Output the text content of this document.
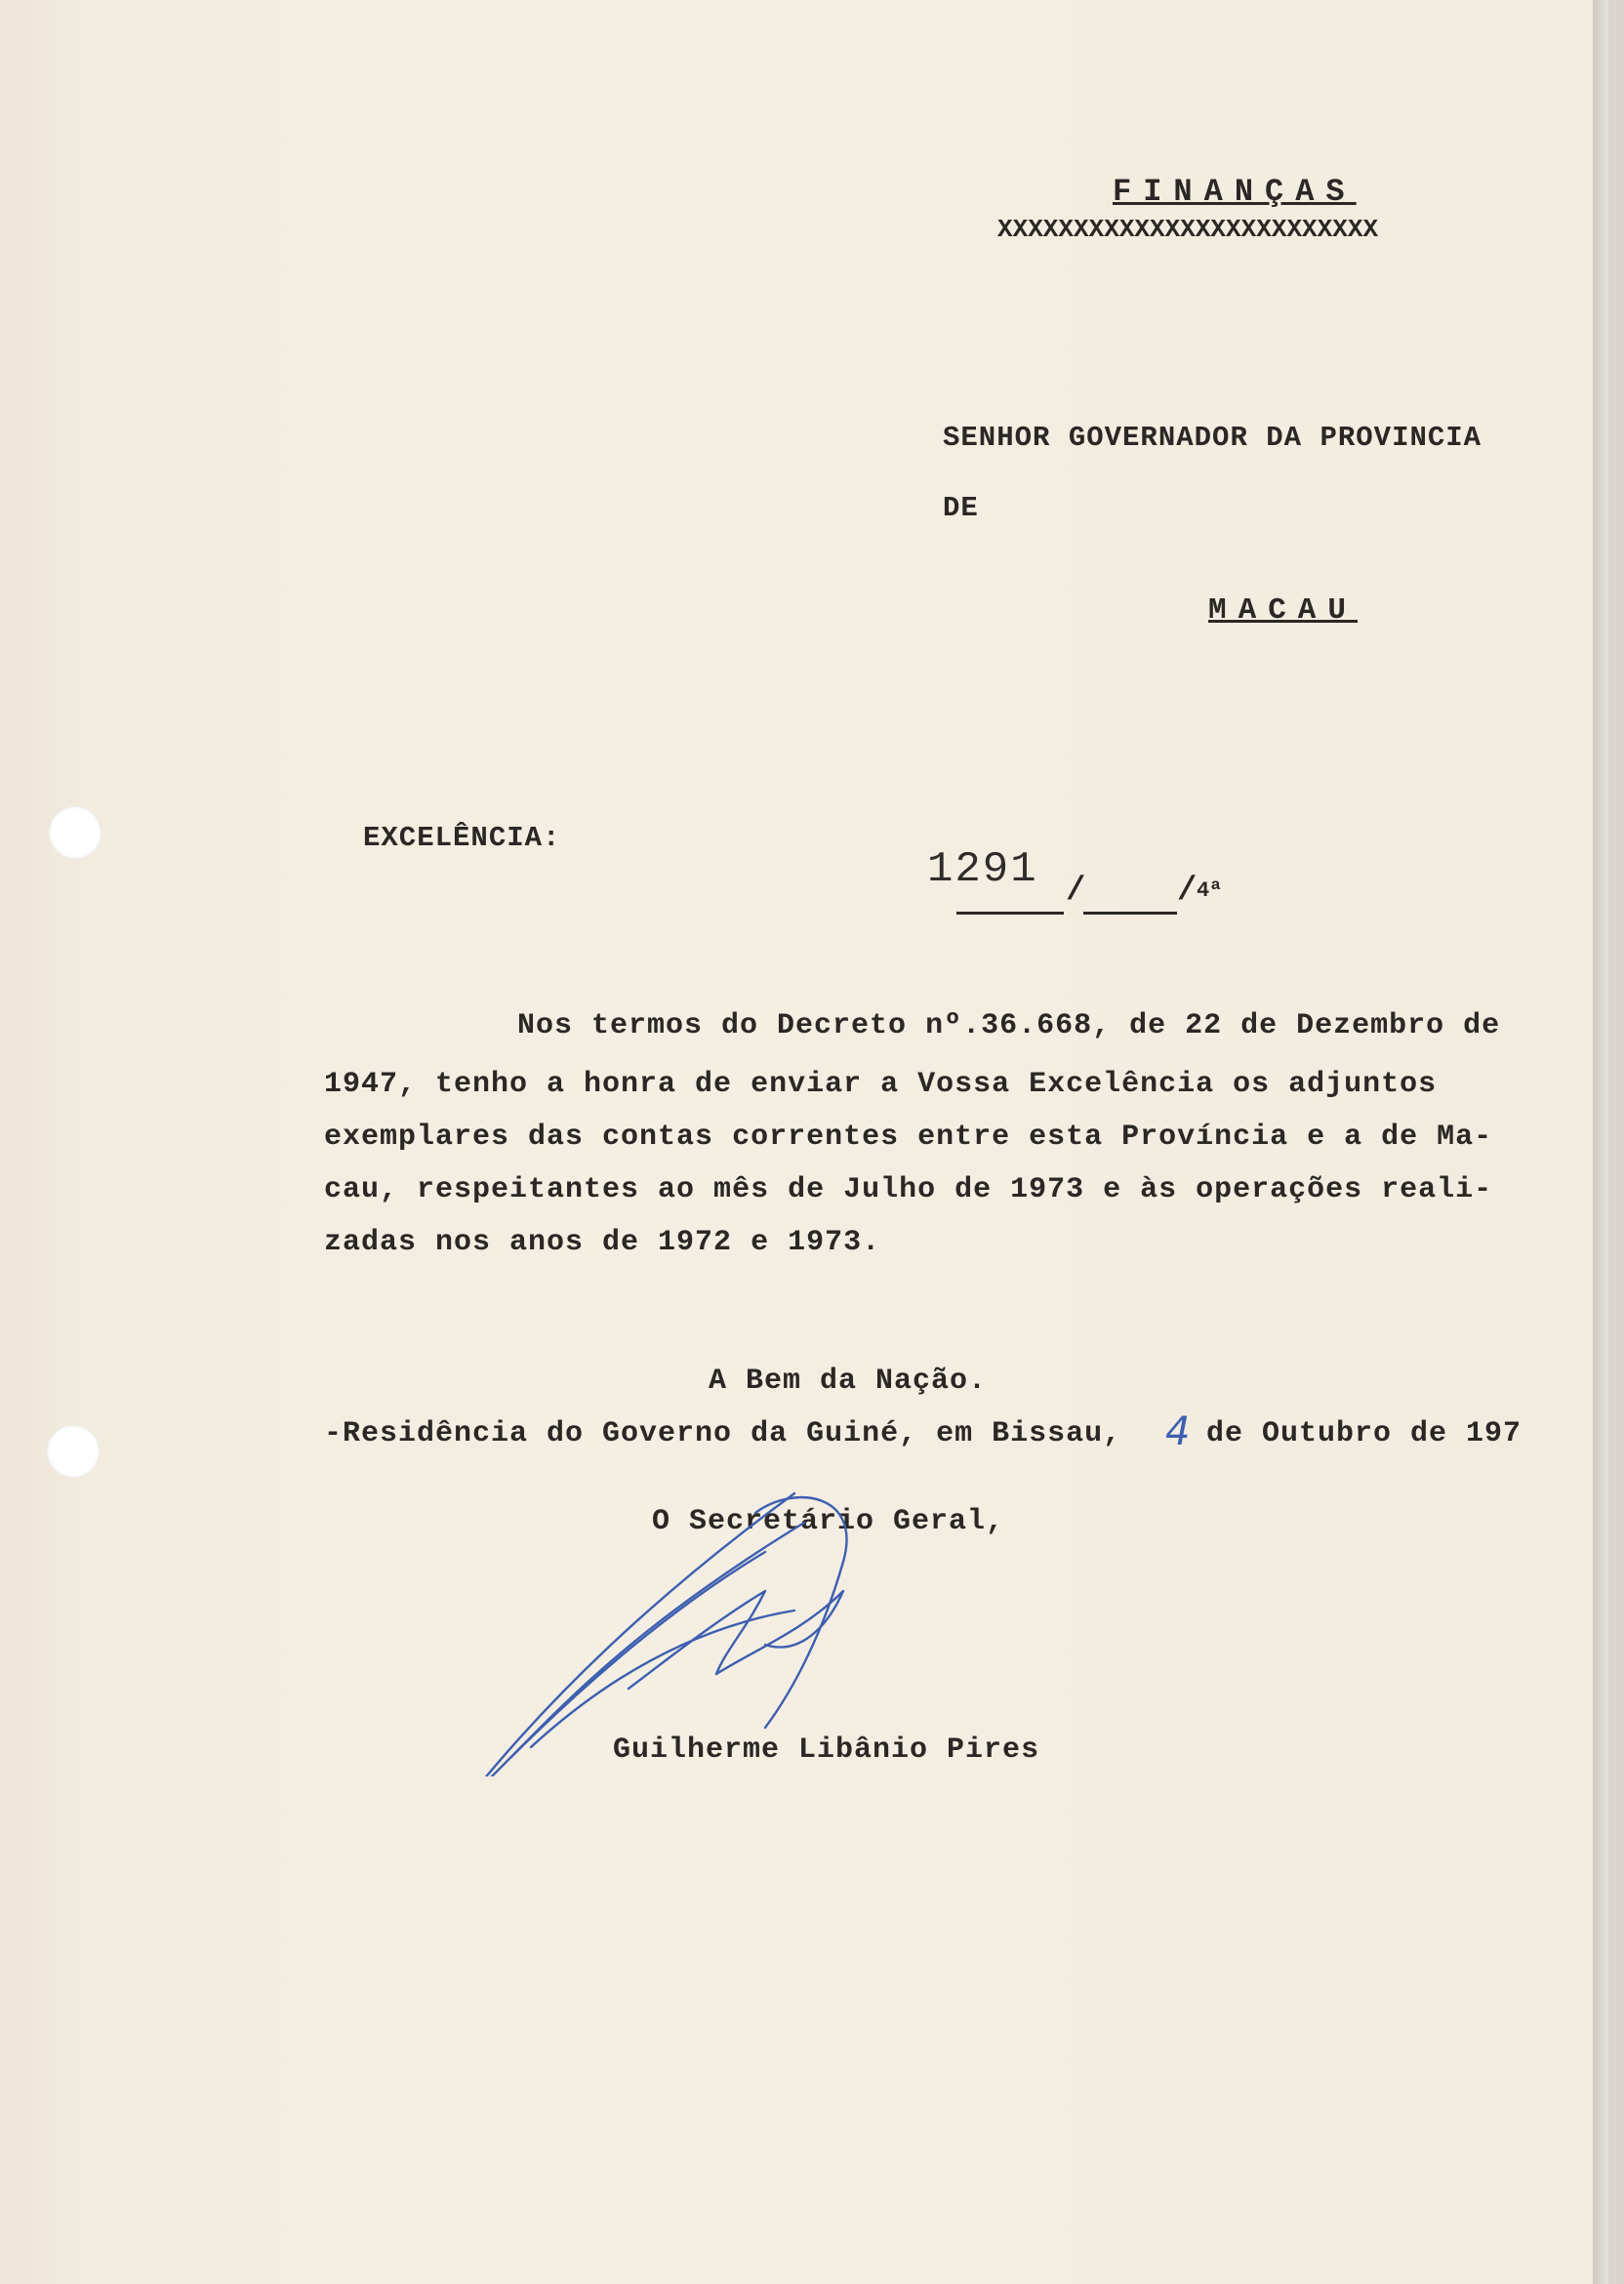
FINANÇAS
XXXXXXXXXXXXXXXXXXXXXXXXX
SENHOR GOVERNADOR DA PROVINCIA
DE
MACAU
EXCELÊNCIA:
1291 /	/ 4ª
Nos termos do Decreto nº.36.668, de 22 de Dezembro de
1947, tenho a honra de enviar a Vossa Excelência os adjuntos
exemplares das contas correntes entre esta Província e a de Ma-
cau, respeitantes ao mês de Julho de 1973 e às operações reali-
zadas nos anos de 1972 e 1973.
A Bem da Nação.
-Residência do Governo da Guiné, em Bissau, 4 de Outubro de 197
O Secretário Geral,
Guilherme Libânio Pires
